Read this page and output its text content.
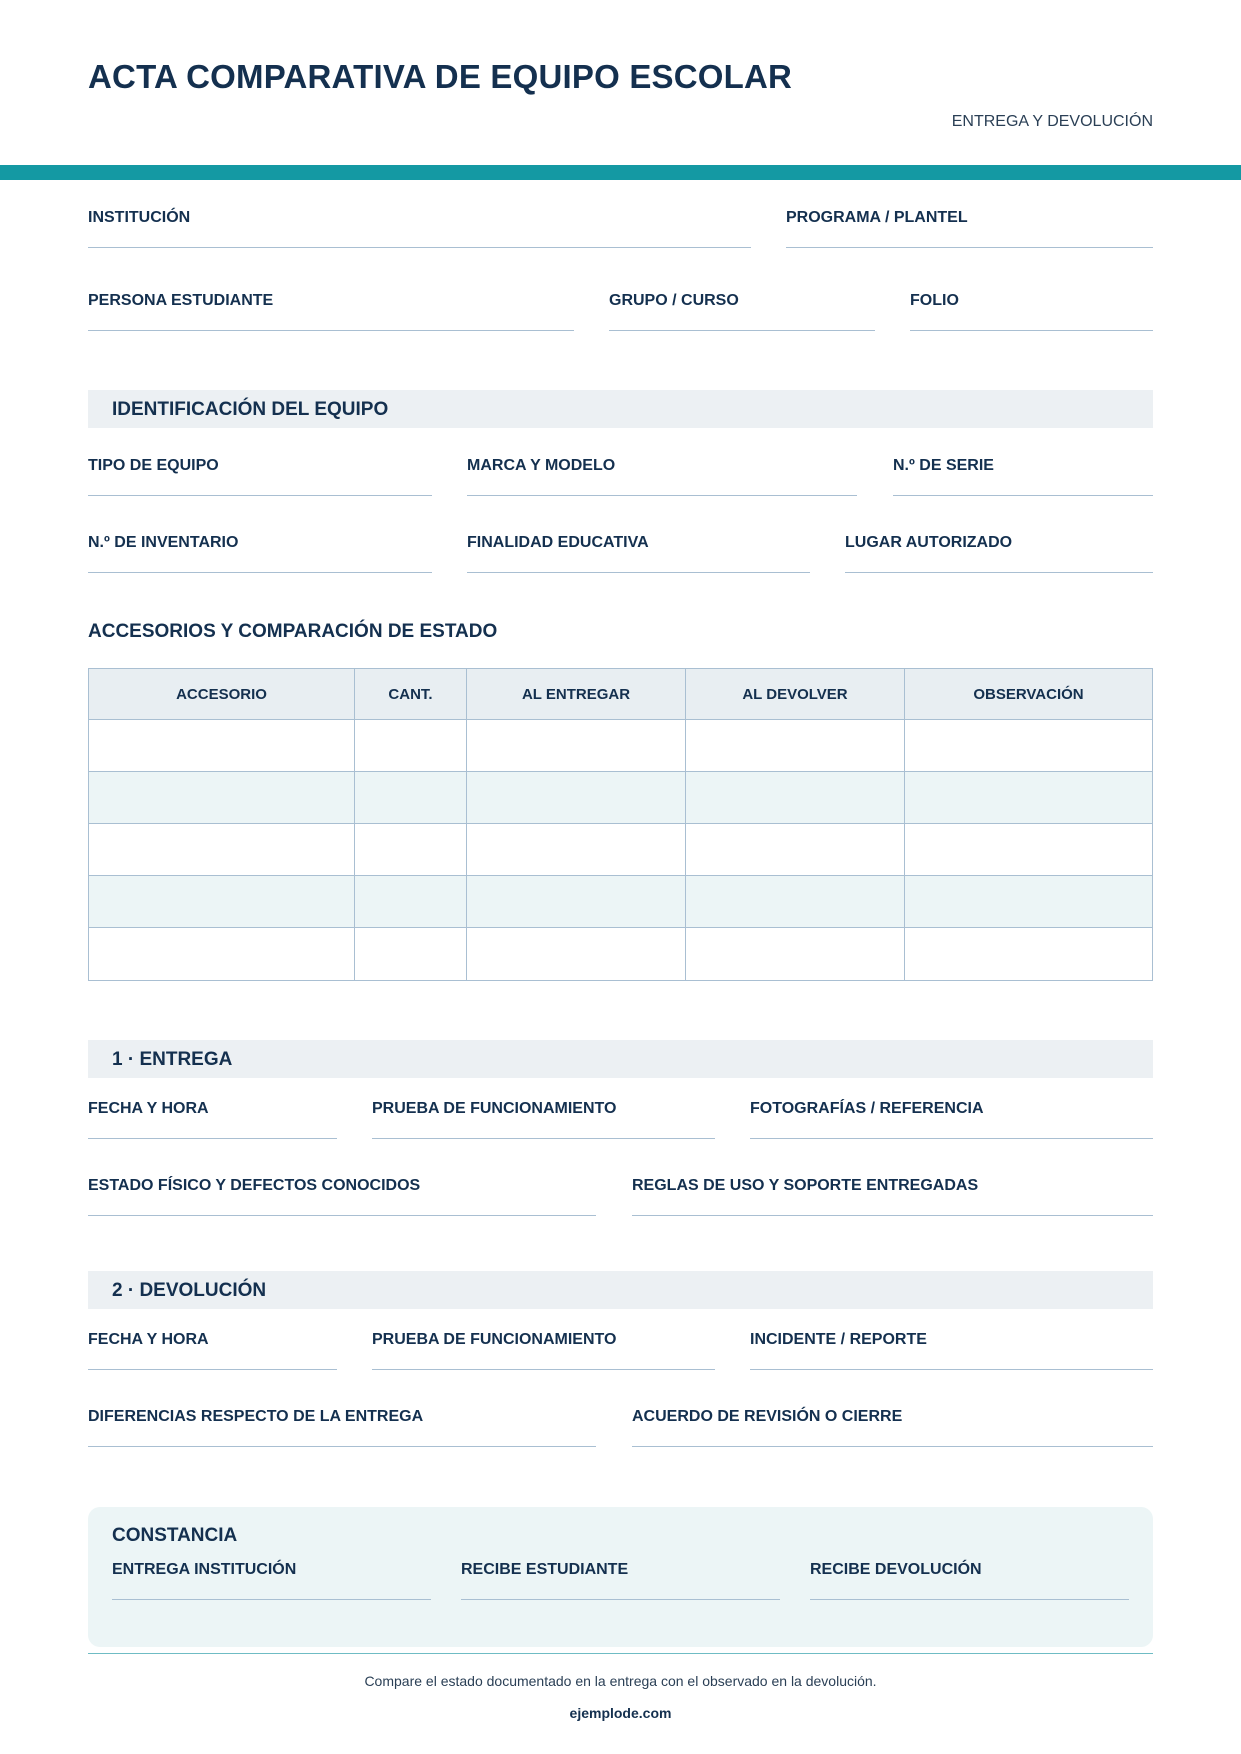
ACTA COMPARATIVA DE EQUIPO ESCOLAR
ENTREGA Y DEVOLUCIÓN
INSTITUCIÓN	PROGRAMA / PLANTEL
PERSONA ESTUDIANTE	GRUPO / CURSO	FOLIO
IDENTIFICACIÓN DEL EQUIPO
TIPO DE EQUIPO	MARCA Y MODELO	N.º DE SERIE
N.º DE INVENTARIO	FINALIDAD EDUCATIVA	LUGAR AUTORIZADO
ACCESORIOS Y COMPARACIÓN DE ESTADO
ACCESORIO	CANT.	AL ENTREGAR	AL DEVOLVER	OBSERVACIÓN
1 · ENTREGA
FECHA Y HORA	PRUEBA DE FUNCIONAMIENTO	FOTOGRAFÍAS / REFERENCIA
ESTADO FÍSICO Y DEFECTOS CONOCIDOS	REGLAS DE USO Y SOPORTE ENTREGADAS
2 · DEVOLUCIÓN
FECHA Y HORA	PRUEBA DE FUNCIONAMIENTO	INCIDENTE / REPORTE
DIFERENCIAS RESPECTO DE LA ENTREGA	ACUERDO DE REVISIÓN O CIERRE
CONSTANCIA
ENTREGA INSTITUCIÓN	RECIBE ESTUDIANTE	RECIBE DEVOLUCIÓN
Compare el estado documentado en la entrega con el observado en la devolución.
ejemplode.com
